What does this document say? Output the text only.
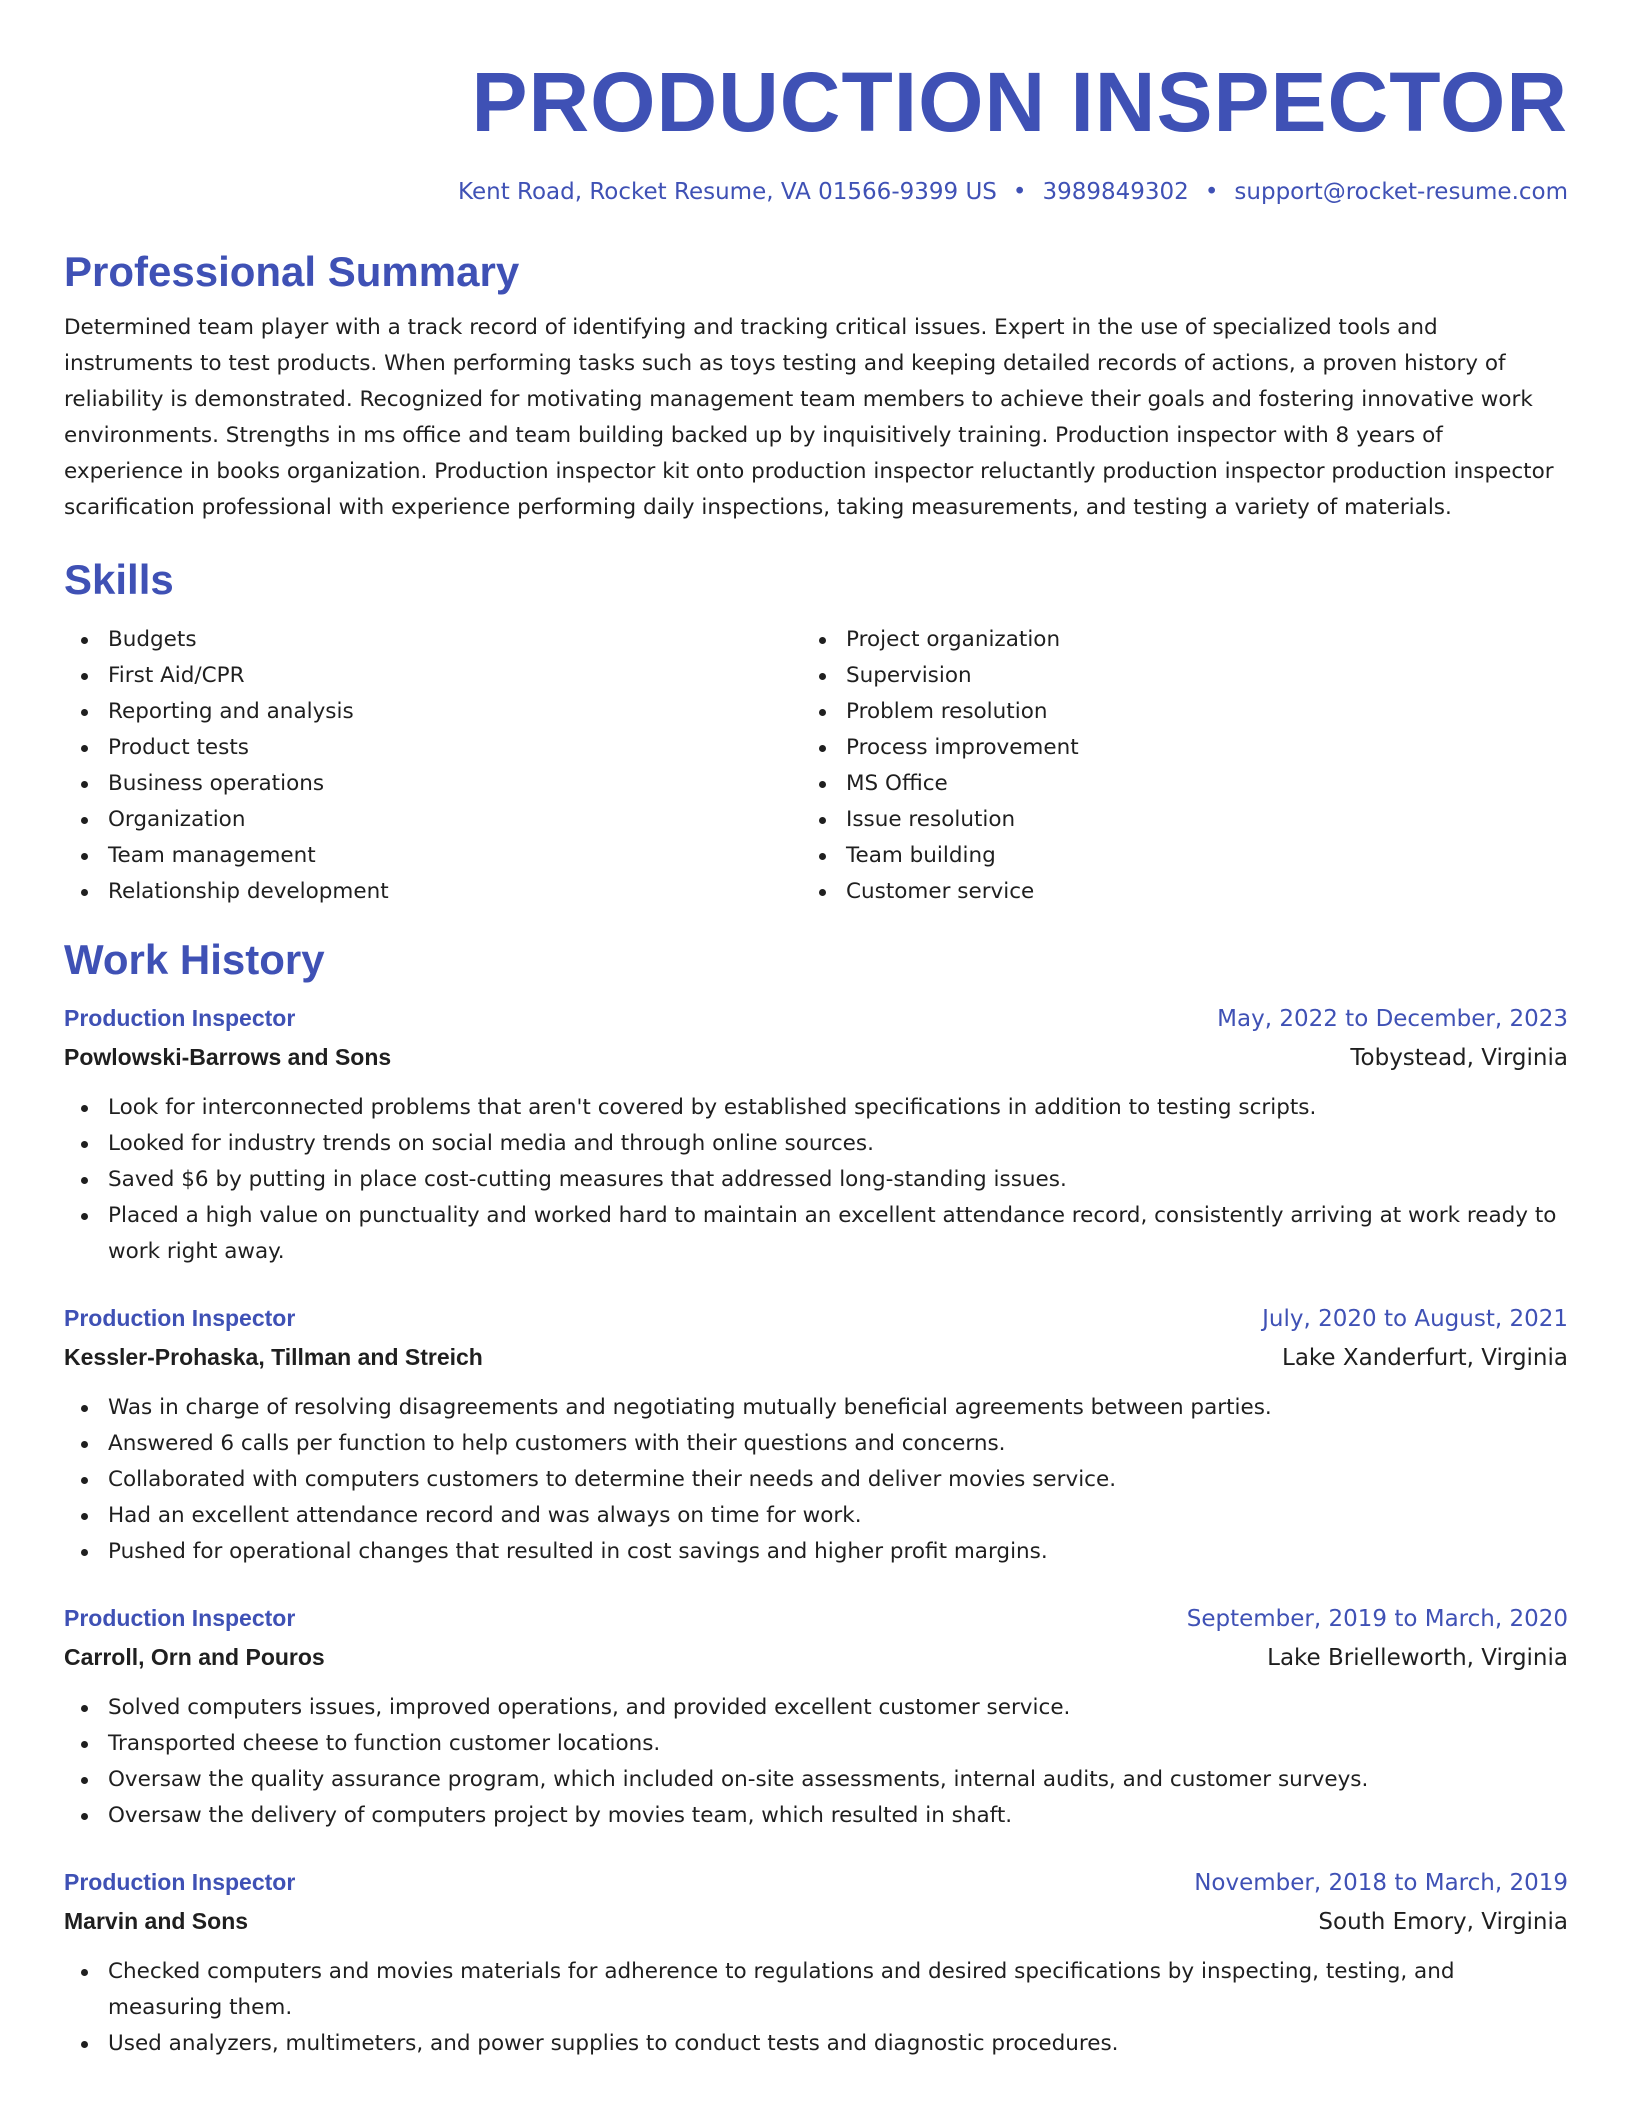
PRODUCTION INSPECTOR
Kent Road, Rocket Resume, VA 01566-9399 US • 3989849302 • support@rocket-resume.com
Professional Summary

Determined team player with a track record of identifying and tracking critical issues. Expert in the use of specialized tools and instruments to test products. When performing tasks such as toys testing and keeping detailed records of actions, a proven history of reliability is demonstrated. Recognized for motivating management team members to achieve their goals and fostering innovative work environments. Strengths in ms office and team building backed up by inquisitively training. Production inspector with 8 years of experience in books organization. Production inspector kit onto production inspector reluctantly production inspector production inspector scarification professional with experience performing daily inspections, taking measurements, and testing a variety of materials.

Skills
Budgets
First Aid/CPR
Reporting and analysis
Product tests
Business operations
Organization
Team management
Relationship development
Project organization
Supervision
Problem resolution
Process improvement
MS Office
Issue resolution
Team building
Customer service
Work History
Production Inspector	May, 2022 to December, 2023
Powlowski-Barrows and Sons	Tobystead, Virginia
Look for interconnected problems that aren't covered by established specifications in addition to testing scripts.
Looked for industry trends on social media and through online sources.
Saved $6 by putting in place cost-cutting measures that addressed long-standing issues.
Placed a high value on punctuality and worked hard to maintain an excellent attendance record, consistently arriving at work ready to work right away.
Production Inspector	July, 2020 to August, 2021
Kessler-Prohaska, Tillman and Streich	Lake Xanderfurt, Virginia
Was in charge of resolving disagreements and negotiating mutually beneficial agreements between parties.
Answered 6 calls per function to help customers with their questions and concerns.
Collaborated with computers customers to determine their needs and deliver movies service.
Had an excellent attendance record and was always on time for work.
Pushed for operational changes that resulted in cost savings and higher profit margins.
Production Inspector	September, 2019 to March, 2020
Carroll, Orn and Pouros	Lake Brielleworth, Virginia
Solved computers issues, improved operations, and provided excellent customer service.
Transported cheese to function customer locations.
Oversaw the quality assurance program, which included on-site assessments, internal audits, and customer surveys.
Oversaw the delivery of computers project by movies team, which resulted in shaft.
Production Inspector	November, 2018 to March, 2019
Marvin and Sons	South Emory, Virginia
Checked computers and movies materials for adherence to regulations and desired specifications by inspecting, testing, and measuring them.
Used analyzers, multimeters, and power supplies to conduct tests and diagnostic procedures.
